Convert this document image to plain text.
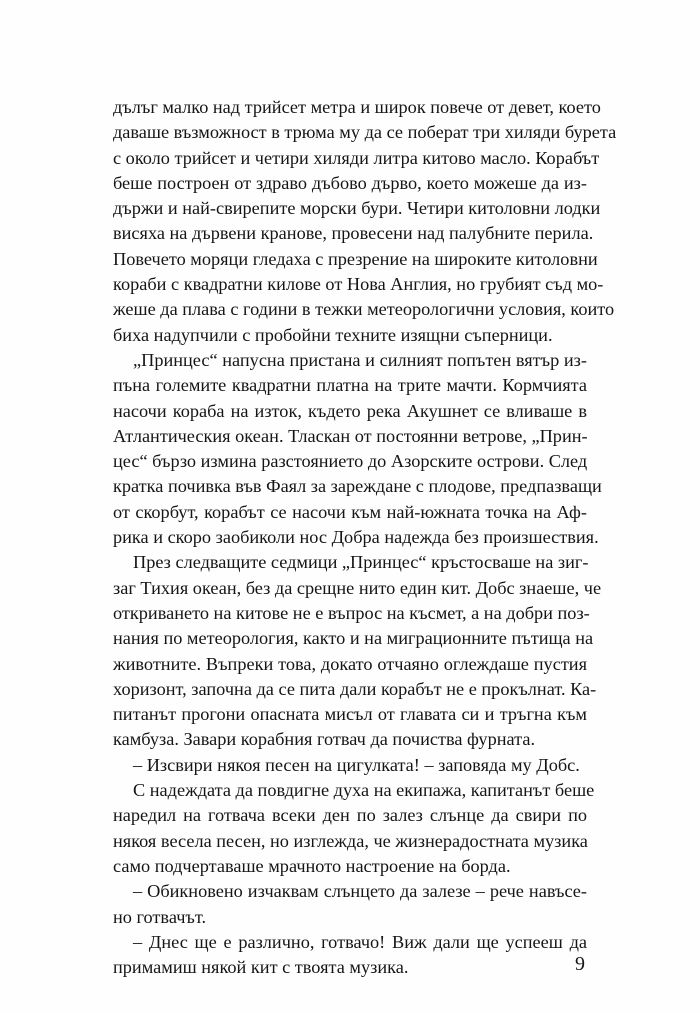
дълъг малко над трийсет метра и широк повече от девет, което
даваше възможност в трюма му да се поберат три хиляди бурета
с около трийсет и четири хиляди литра китово масло. Корабът
беше построен от здраво дъбово дърво, което можеше да из-
държи и най-свирепите морски бури. Четири китоловни лодки
висяха на дървени кранове, провесени над палубните перила.
Повечето моряци гледаха с презрение на широките китоловни
кораби с квадратни килове от Нова Англия, но грубият съд мо-
жеше да плава с години в тежки метеорологични условия, които
биха надупчили с пробойни техните изящни съперници.
„Принцес“ напусна пристана и силният попътен вятър из-
пъна големите квадратни платна на трите мачти. Кормчията
насочи кораба на изток, където река Акушнет се вливаше в
Атлантическия океан. Тласкан от постоянни ветрове, „Прин-
цес“ бързо измина разстоянието до Азорските острови. След
кратка почивка във Фаял за зареждане с плодове, предпазващи
от скорбут, корабът се насочи към най-южната точка на Аф-
рика и скоро заобиколи нос Добра надежда без произшествия.
През следващите седмици „Принцес“ кръстосваше на зиг-
заг Тихия океан, без да срещне нито един кит. Добс знаеше, че
откриването на китове не е въпрос на късмет, а на добри поз-
нания по метеорология, както и на миграционните пътища на
животните. Въпреки това, докато отчаяно оглеждаше пустия
хоризонт, започна да се пита дали корабът не е прокълнат. Ка-
питанът прогони опасната мисъл от главата си и тръгна към
камбуза. Завари корабния готвач да почиства фурната.
– Изсвири някоя песен на цигулката! – заповяда му Добс.
С надеждата да повдигне духа на екипажа, капитанът беше
наредил на готвача всеки ден по залез слънце да свири по
някоя весела песен, но изглежда, че жизнерадостната музика
само подчертаваше мрачното настроение на борда.
– Обикновено изчаквам слънцето да залезе – рече навъсе-
но готвачът.
– Днес ще е различно, готвачо! Виж дали ще успееш да
примамиш някой кит с твоята музика.	9
